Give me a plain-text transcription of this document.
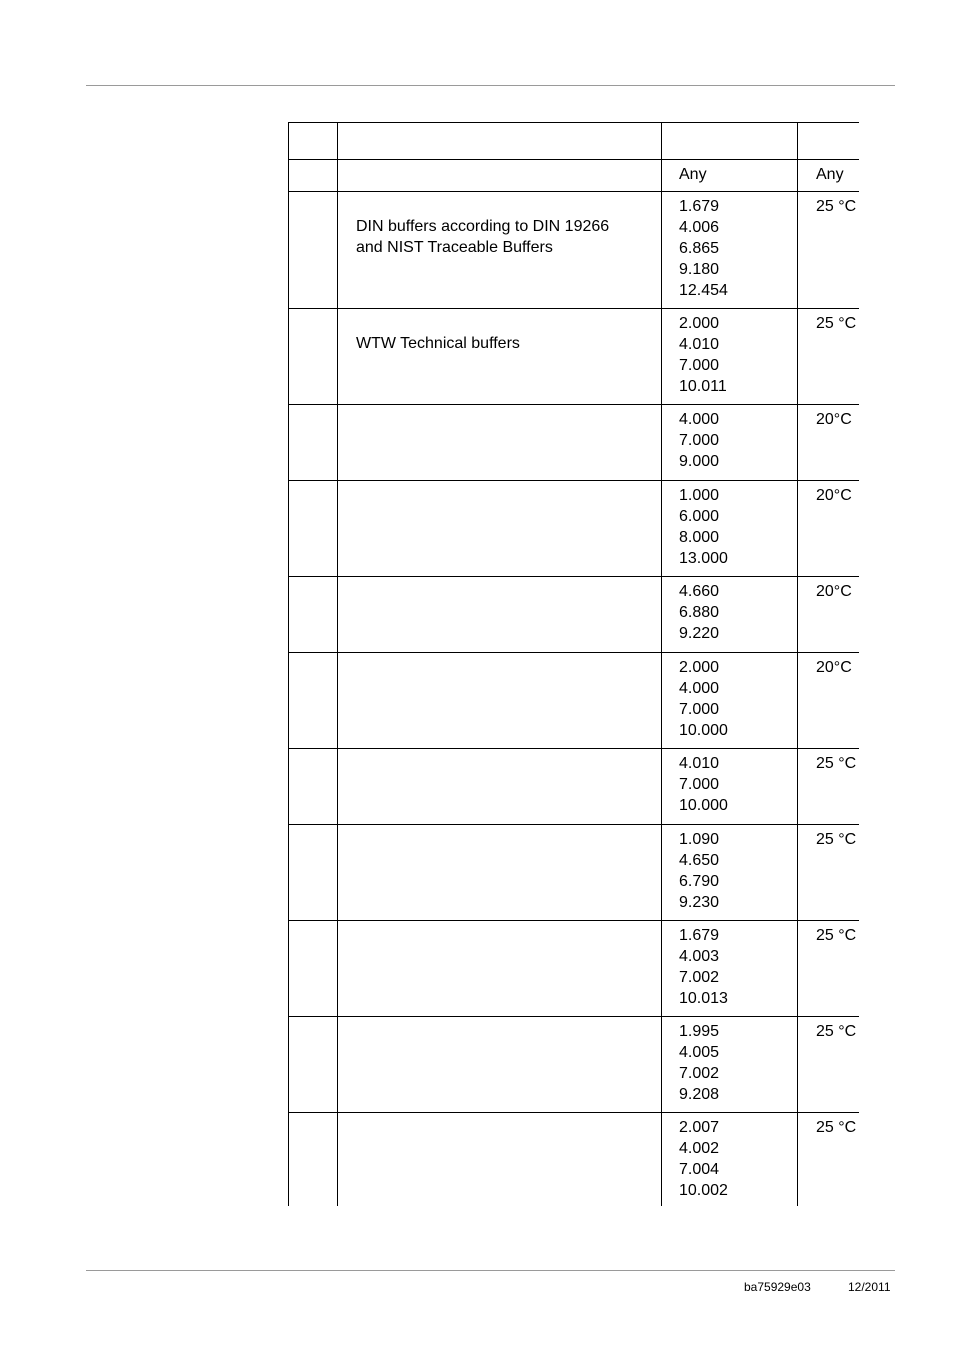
		Any	Any

	DIN buffers according to DIN 19266
and NIST Traceable Buffers	1.679
4.006
6.865
9.180
12.454	25 °C

	WTW Technical buffers	2.000
4.010
7.000
10.011	25 °C

		4.000
7.000
9.000	20°C

		1.000
6.000
8.000
13.000	20°C

		4.660
6.880
9.220	20°C

		2.000
4.000
7.000
10.000	20°C

		4.010
7.000
10.000	25 °C

		1.090
4.650
6.790
9.230	25 °C

		1.679
4.003
7.002
10.013	25 °C

		1.995
4.005
7.002
9.208	25 °C

		2.007
4.002
7.004
10.002	25 °C
ba75929e03	12/2011
